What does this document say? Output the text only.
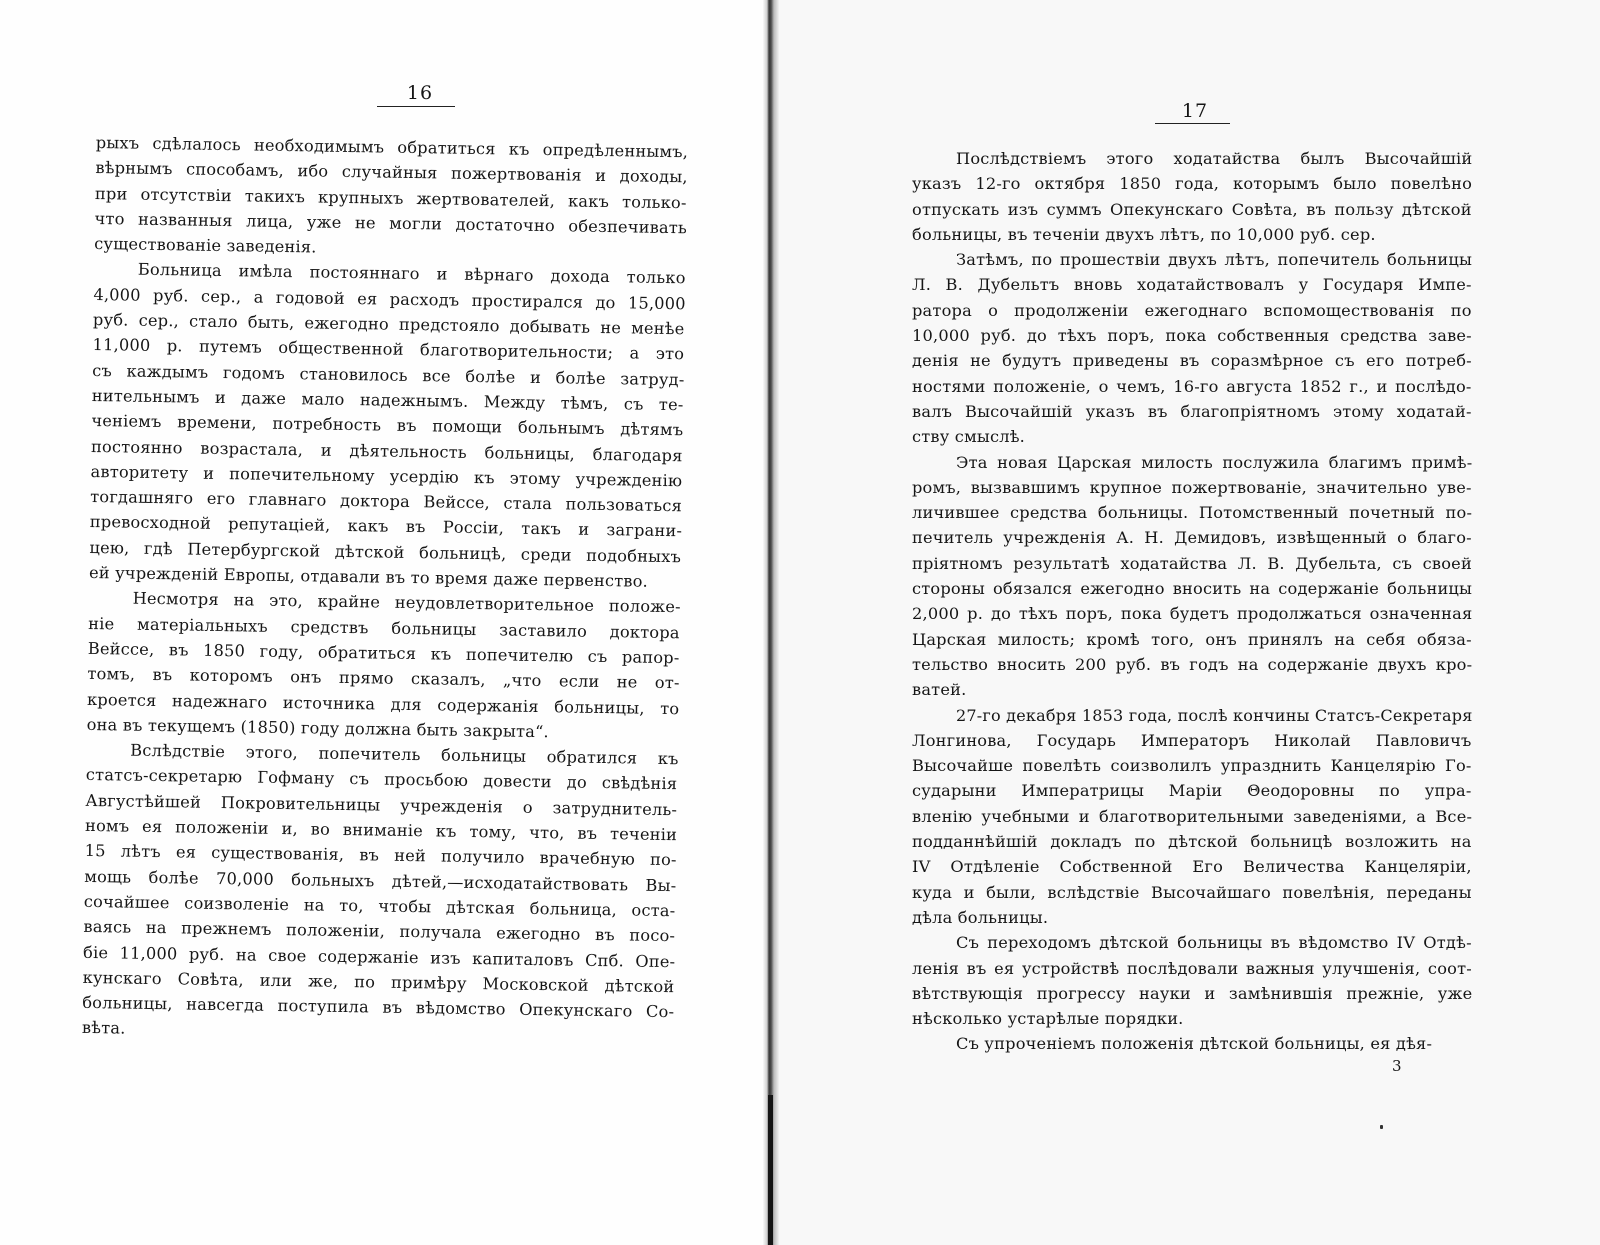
16
рыхъ сдѣлалось необходимымъ обратиться къ опредѣленнымъ,
вѣрнымъ способамъ, ибо случайныя пожертвованія и доходы,
при отсутствіи такихъ крупныхъ жертвователей, какъ только-
что названныя лица, уже не могли достаточно обезпечивать
существованіе заведенія.
Больница имѣла постояннаго и вѣрнаго дохода только
4,000 руб. сер., а годовой ея расходъ простирался до 15,000
руб. сер., стало быть, ежегодно предстояло добывать не менѣе
11,000 р. путемъ общественной благотворительности; а это
съ каждымъ годомъ становилось все болѣе и болѣе затруд-
нительнымъ и даже мало надежнымъ. Между тѣмъ, съ те-
ченіемъ времени, потребность въ помощи больнымъ дѣтямъ
постоянно возрастала, и дѣятельность больницы, благодаря
авторитету и попечительному усердію къ этому учрежденію
тогдашняго его главнаго доктора Вейссе, стала пользоваться
превосходной репутаціей, какъ въ Россіи, такъ и заграни-
цею, гдѣ Петербургской дѣтской больницѣ, среди подобныхъ
ей учрежденій Европы, отдавали въ то время даже первенство.
Несмотря на это, крайне неудовлетворительное положе-
ніе матеріальныхъ средствъ больницы заставило доктора
Вейссе, въ 1850 году, обратиться къ попечителю съ рапор-
томъ, въ которомъ онъ прямо сказалъ, „что если не от-
кроется надежнаго источника для содержанія больницы, то
она въ текущемъ (1850) году должна быть закрыта“.
Вслѣдствіе этого, попечитель больницы обратился къ
статсъ-секретарю Гофману съ просьбою довести до свѣдѣнія
Августѣйшей Покровительницы учрежденія о затруднитель-
номъ ея положеніи и, во вниманіе къ тому, что, въ теченіи
15 лѣтъ ея существованія, въ ней получило врачебную по-
мощь болѣе 70,000 больныхъ дѣтей,—исходатайствовать Вы-
сочайшее соизволеніе на то, чтобы дѣтская больница, оста-
ваясь на прежнемъ положеніи, получала ежегодно въ посо-
біе 11,000 руб. на свое содержаніе изъ капиталовъ Спб. Опе-
кунскаго Совѣта, или же, по примѣру Московской дѣтской
больницы, навсегда поступила въ вѣдомство Опекунскаго Со-
вѣта.
17
Послѣдствіемъ этого ходатайства былъ Высочайшій
указъ 12-го октября 1850 года, которымъ было повелѣно
отпускать изъ суммъ Опекунскаго Совѣта, въ пользу дѣтской
больницы, въ теченіи двухъ лѣтъ, по 10,000 руб. сер.
Затѣмъ, по прошествіи двухъ лѣтъ, попечитель больницы
Л. В. Дубельтъ вновь ходатайствовалъ у Государя Импе-
ратора о продолженіи ежегоднаго вспомоществованія по
10,000 руб. до тѣхъ поръ, пока собственныя средства заве-
денія не будутъ приведены въ соразмѣрное съ его потреб-
ностями положеніе, о чемъ, 16-го августа 1852 г., и послѣдо-
валъ Высочайшій указъ въ благопріятномъ этому ходатай-
ству смыслѣ.
Эта новая Царская милость послужила благимъ примѣ-
ромъ, вызвавшимъ крупное пожертвованіе, значительно уве-
личившее средства больницы. Потомственный почетный по-
печитель учрежденія А. Н. Демидовъ, извѣщенный о благо-
пріятномъ результатѣ ходатайства Л. В. Дубельта, съ своей
стороны обязался ежегодно вносить на содержаніе больницы
2,000 р. до тѣхъ поръ, пока будетъ продолжаться означенная
Царская милость; кромѣ того, онъ принялъ на себя обяза-
тельство вносить 200 руб. въ годъ на содержаніе двухъ кро-
ватей.
27-го декабря 1853 года, послѣ кончины Статсъ-Секретаря
Лонгинова, Государь Императоръ Николай Павловичъ
Высочайше повелѣть соизволилъ упразднить Канцелярію Го-
сударыни Императрицы Маріи Θеодоровны по упра-
вленію учебными и благотворительными заведеніями, а Все-
подданнѣйшій докладъ по дѣтской больницѣ возложить на
IV Отдѣленіе Собственной Его Величества Канцеляріи,
куда и были, вслѣдствіе Высочайшаго повелѣнія, переданы
дѣла больницы.
Съ переходомъ дѣтской больницы въ вѣдомство IV Отдѣ-
ленія въ ея устройствѣ послѣдовали важныя улучшенія, соот-
вѣтствующія прогрессу науки и замѣнившія прежніе, уже
нѣсколько устарѣлые порядки.
Съ упроченіемъ положенія дѣтской больницы, ея дѣя-
3
